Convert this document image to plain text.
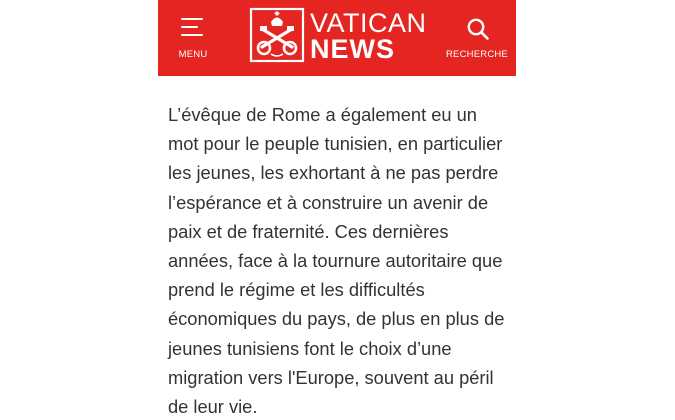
MENU
VATICAN
NEWS	RECHERCHE
L’évêque de Rome a également eu un
mot pour le peuple tunisien, en particulier
les jeunes, les exhortant à ne pas perdre
l’espérance et à construire un avenir de
paix et de fraternité. Ces dernières
années, face à la tournure autoritaire que
prend le régime et les difficultés
économiques du pays, de plus en plus de
jeunes tunisiens font le choix d’une
migration vers l'Europe, souvent au péril
de leur vie.
